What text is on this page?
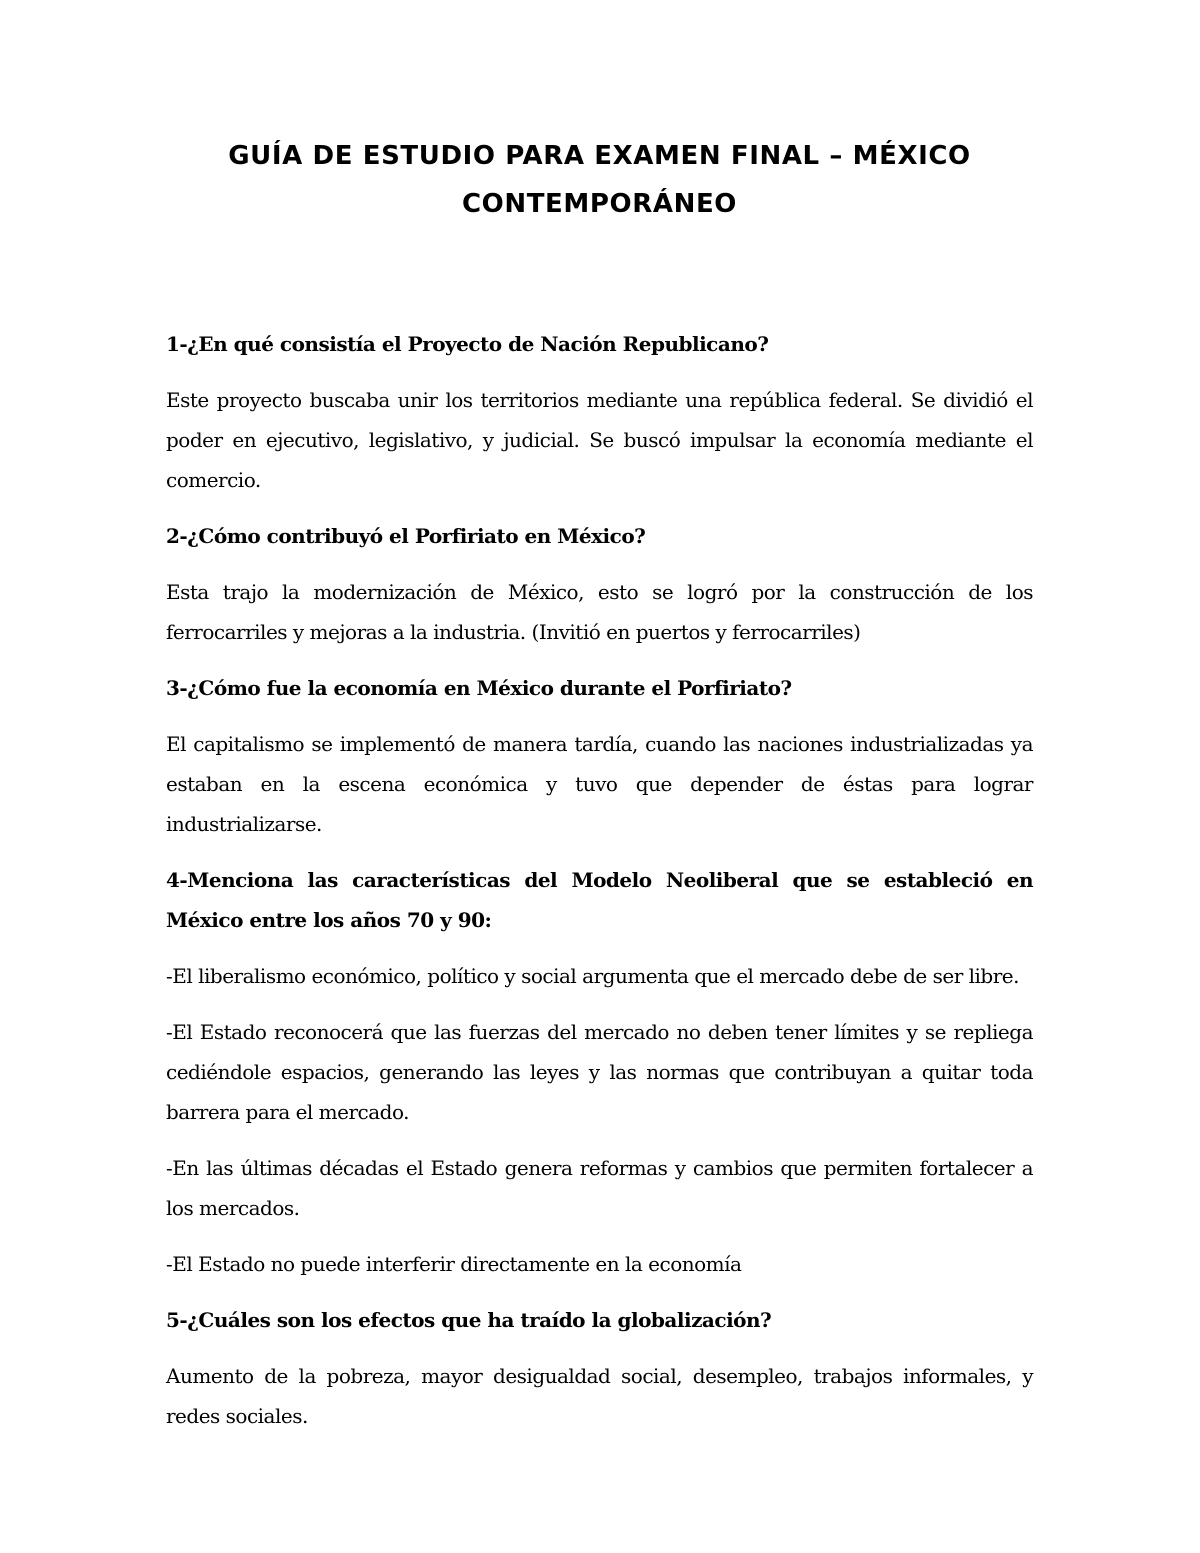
GUÍA DE ESTUDIO PARA EXAMEN FINAL – MÉXICO CONTEMPORÁNEO

1-¿En qué consistía el Proyecto de Nación Republicano?

Este proyecto buscaba unir los territorios mediante una república federal. Se dividió el poder en ejecutivo, legislativo, y judicial. Se buscó impulsar la economía mediante el comercio.

2-¿Cómo contribuyó el Porfiriato en México?

Esta trajo la modernización de México, esto se logró por la construcción de los ferrocarriles y mejoras a la industria. (Invitió en puertos y ferrocarriles)

3-¿Cómo fue la economía en México durante el Porfiriato?

El capitalismo se implementó de manera tardía, cuando las naciones industrializadas ya estaban en la escena económica y tuvo que depender de éstas para lograr industrializarse.

4-Menciona las características del Modelo Neoliberal que se estableció en México entre los años 70 y 90:

-El liberalismo económico, político y social argumenta que el mercado debe de ser libre.

-El Estado reconocerá que las fuerzas del mercado no deben tener límites y se repliega cediéndole espacios, generando las leyes y las normas que contribuyan a quitar toda barrera para el mercado.

-En las últimas décadas el Estado genera reformas y cambios que permiten fortalecer a los mercados.

-El Estado no puede interferir directamente en la economía

5-¿Cuáles son los efectos que ha traído la globalización?

Aumento de la pobreza, mayor desigualdad social, desempleo, trabajos informales, y redes sociales.
